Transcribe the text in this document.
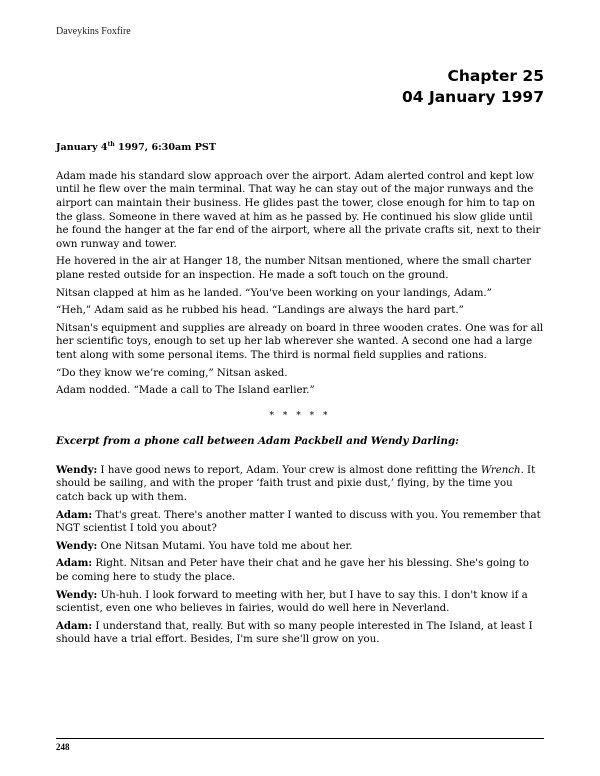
Daveykins Foxfire
Chapter 25
04 January 1997
January 4th 1997, 6:30am PST

Adam made his standard slow approach over the airport. Adam alerted control and kept low until he flew over the main terminal. That way he can stay out of the major runways and the airport can maintain their business. He glides past the tower, close enough for him to tap on the glass. Someone in there waved at him as he passed by. He continued his slow glide until he found the hanger at the far end of the airport, where all the private crafts sit, next to their own runway and tower.

He hovered in the air at Hanger 18, the number Nitsan mentioned, where the small charter plane rested outside for an inspection. He made a soft touch on the ground.

Nitsan clapped at him as he landed. “You've been working on your landings, Adam.”

“Heh,” Adam said as he rubbed his head. “Landings are always the hard part.”

Nitsan's equipment and supplies are already on board in three wooden crates. One was for all her scientific toys, enough to set up her lab wherever she wanted. A second one had a large tent along with some personal items. The third is normal field supplies and rations.

“Do they know we’re coming,” Nitsan asked.

Adam nodded. “Made a call to The Island earlier.”

* * * * *

Excerpt from a phone call between Adam Packbell and Wendy Darling:

Wendy: I have good news to report, Adam. Your crew is almost done refitting the Wrench. It should be sailing, and with the proper ‘faith trust and pixie dust,’ flying, by the time you catch back up with them.

Adam: That's great. There's another matter I wanted to discuss with you. You remember that NGT scientist I told you about?

Wendy: One Nitsan Mutami. You have told me about her.

Adam: Right. Nitsan and Peter have their chat and he gave her his blessing. She's going to be coming here to study the place.

Wendy: Uh-huh. I look forward to meeting with her, but I have to say this. I don't know if a scientist, even one who believes in fairies, would do well here in Neverland.

Adam: I understand that, really. But with so many people interested in The Island, at least I should have a trial effort. Besides, I'm sure she'll grow on you.

248
